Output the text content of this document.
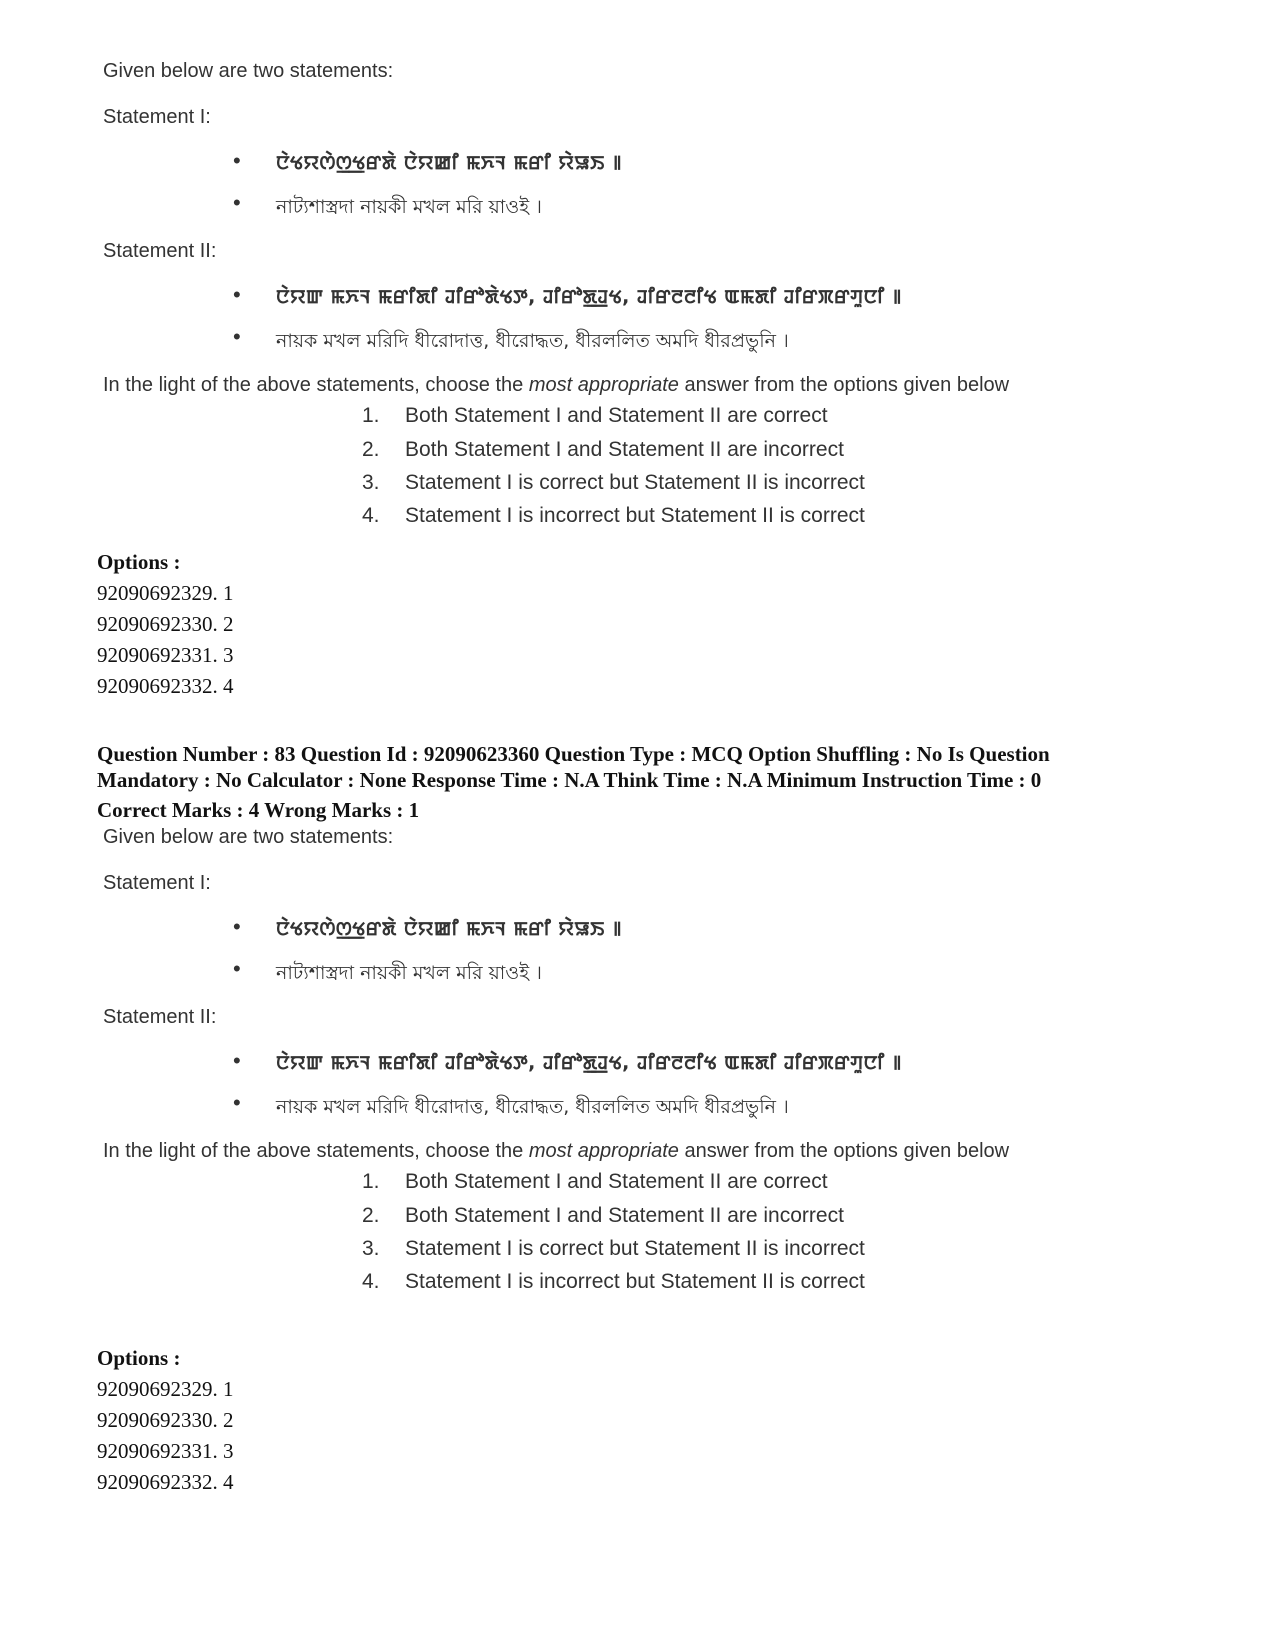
Given below are two statements:
Statement I:
• ꯅꯥꯠꯌꯁꯥꯁ꯭ꯠꯔꯗꯥ ꯅꯥꯌꯀꯤ ꯃꯈꯜ ꯃꯔꯤ ꯌꯥꯎꯏ ꯫
• নাট্যশাস্ত্রদা নায়কী মখল মরি য়াওই ।
Statement II:
• ꯅꯥꯌꯛ ꯃꯈꯜ ꯃꯔꯤꯗꯤ ꯙꯤꯔꯣꯗꯥꯠꯇ, ꯙꯤꯔꯣꯗ꯭ꯙꯠ, ꯙꯤꯔꯂꯂꯤꯠ ꯑꯃꯗꯤ ꯙꯤꯔꯞꯔꯚꯨꯅꯤ ꯫
• নায়ক মখল মরিদি ধীরোদাত্ত, ধীরোদ্ধত, ধীরললিত অমদি ধীরপ্রভুনি ।
In the light of the above statements, choose the most appropriate answer from the options given below
1. Both Statement I and Statement II are correct
2. Both Statement I and Statement II are incorrect
3. Statement I is correct but Statement II is incorrect
4. Statement I is incorrect but Statement II is correct
Options :
92090692329. 1
92090692330. 2
92090692331. 3
92090692332. 4
Question Number : 83 Question Id : 92090623360 Question Type : MCQ Option Shuffling : No Is Question
Mandatory : No Calculator : None Response Time : N.A Think Time : N.A Minimum Instruction Time : 0
Correct Marks : 4 Wrong Marks : 1
Given below are two statements:
Statement I:
• ꯅꯥꯠꯌꯁꯥꯁ꯭ꯠꯔꯗꯥ ꯅꯥꯌꯀꯤ ꯃꯈꯜ ꯃꯔꯤ ꯌꯥꯎꯏ ꯫
• নাট্যশাস্ত্রদা নায়কী মখল মরি য়াওই ।
Statement II:
• ꯅꯥꯌꯛ ꯃꯈꯜ ꯃꯔꯤꯗꯤ ꯙꯤꯔꯣꯗꯥꯠꯇ, ꯙꯤꯔꯣꯗ꯭ꯙꯠ, ꯙꯤꯔꯂꯂꯤꯠ ꯑꯃꯗꯤ ꯙꯤꯔꯞꯔꯚꯨꯅꯤ ꯫
• নায়ক মখল মরিদি ধীরোদাত্ত, ধীরোদ্ধত, ধীরললিত অমদি ধীরপ্রভুনি ।
In the light of the above statements, choose the most appropriate answer from the options given below
1. Both Statement I and Statement II are correct
2. Both Statement I and Statement II are incorrect
3. Statement I is correct but Statement II is incorrect
4. Statement I is incorrect but Statement II is correct
Options :
92090692329. 1
92090692330. 2
92090692331. 3
92090692332. 4
